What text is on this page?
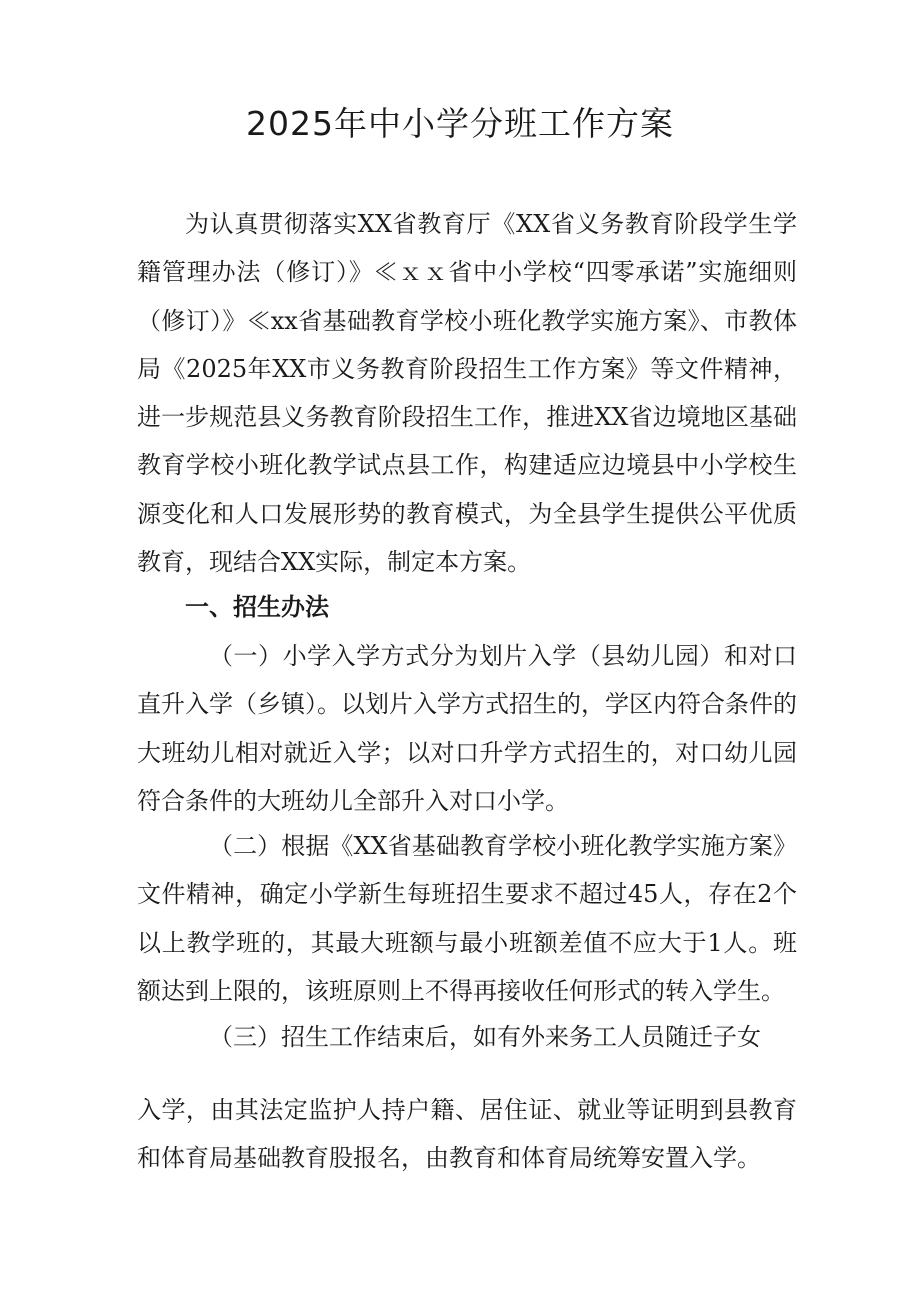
2025年中小学分班工作方案

为认真贯彻落实XX省教育厅《XX省义务教育阶段学生学籍管理办法（修订）》≪ｘｘ省中小学校“四零承诺”实施细则（修订）》≪xx省基础教育学校小班化教学实施方案》、市教体局《2025年XX市义务教育阶段招生工作方案》等文件精神，进一步规范县义务教育阶段招生工作，推进XX省边境地区基础教育学校小班化教学试点县工作，构建适应边境县中小学校生源变化和人口发展形势的教育模式，为全县学生提供公平优质教育，现结合XX实际，制定本方案。

一、招生办法

（一）小学入学方式分为划片入学（县幼儿园）和对口直升入学（乡镇）。以划片入学方式招生的，学区内符合条件的大班幼儿相对就近入学；以对口升学方式招生的，对口幼儿园符合条件的大班幼儿全部升入对口小学。

（二）根据《XX省基础教育学校小班化教学实施方案》文件精神，确定小学新生每班招生要求不超过45人，存在2个以上教学班的，其最大班额与最小班额差值不应大于1人。班额达到上限的，该班原则上不得再接收任何形式的转入学生。

（三）招生工作结束后，如有外来务工人员随迁子女

入学，由其法定监护人持户籍、居住证、就业等证明到县教育和体育局基础教育股报名，由教育和体育局统筹安置入学。
